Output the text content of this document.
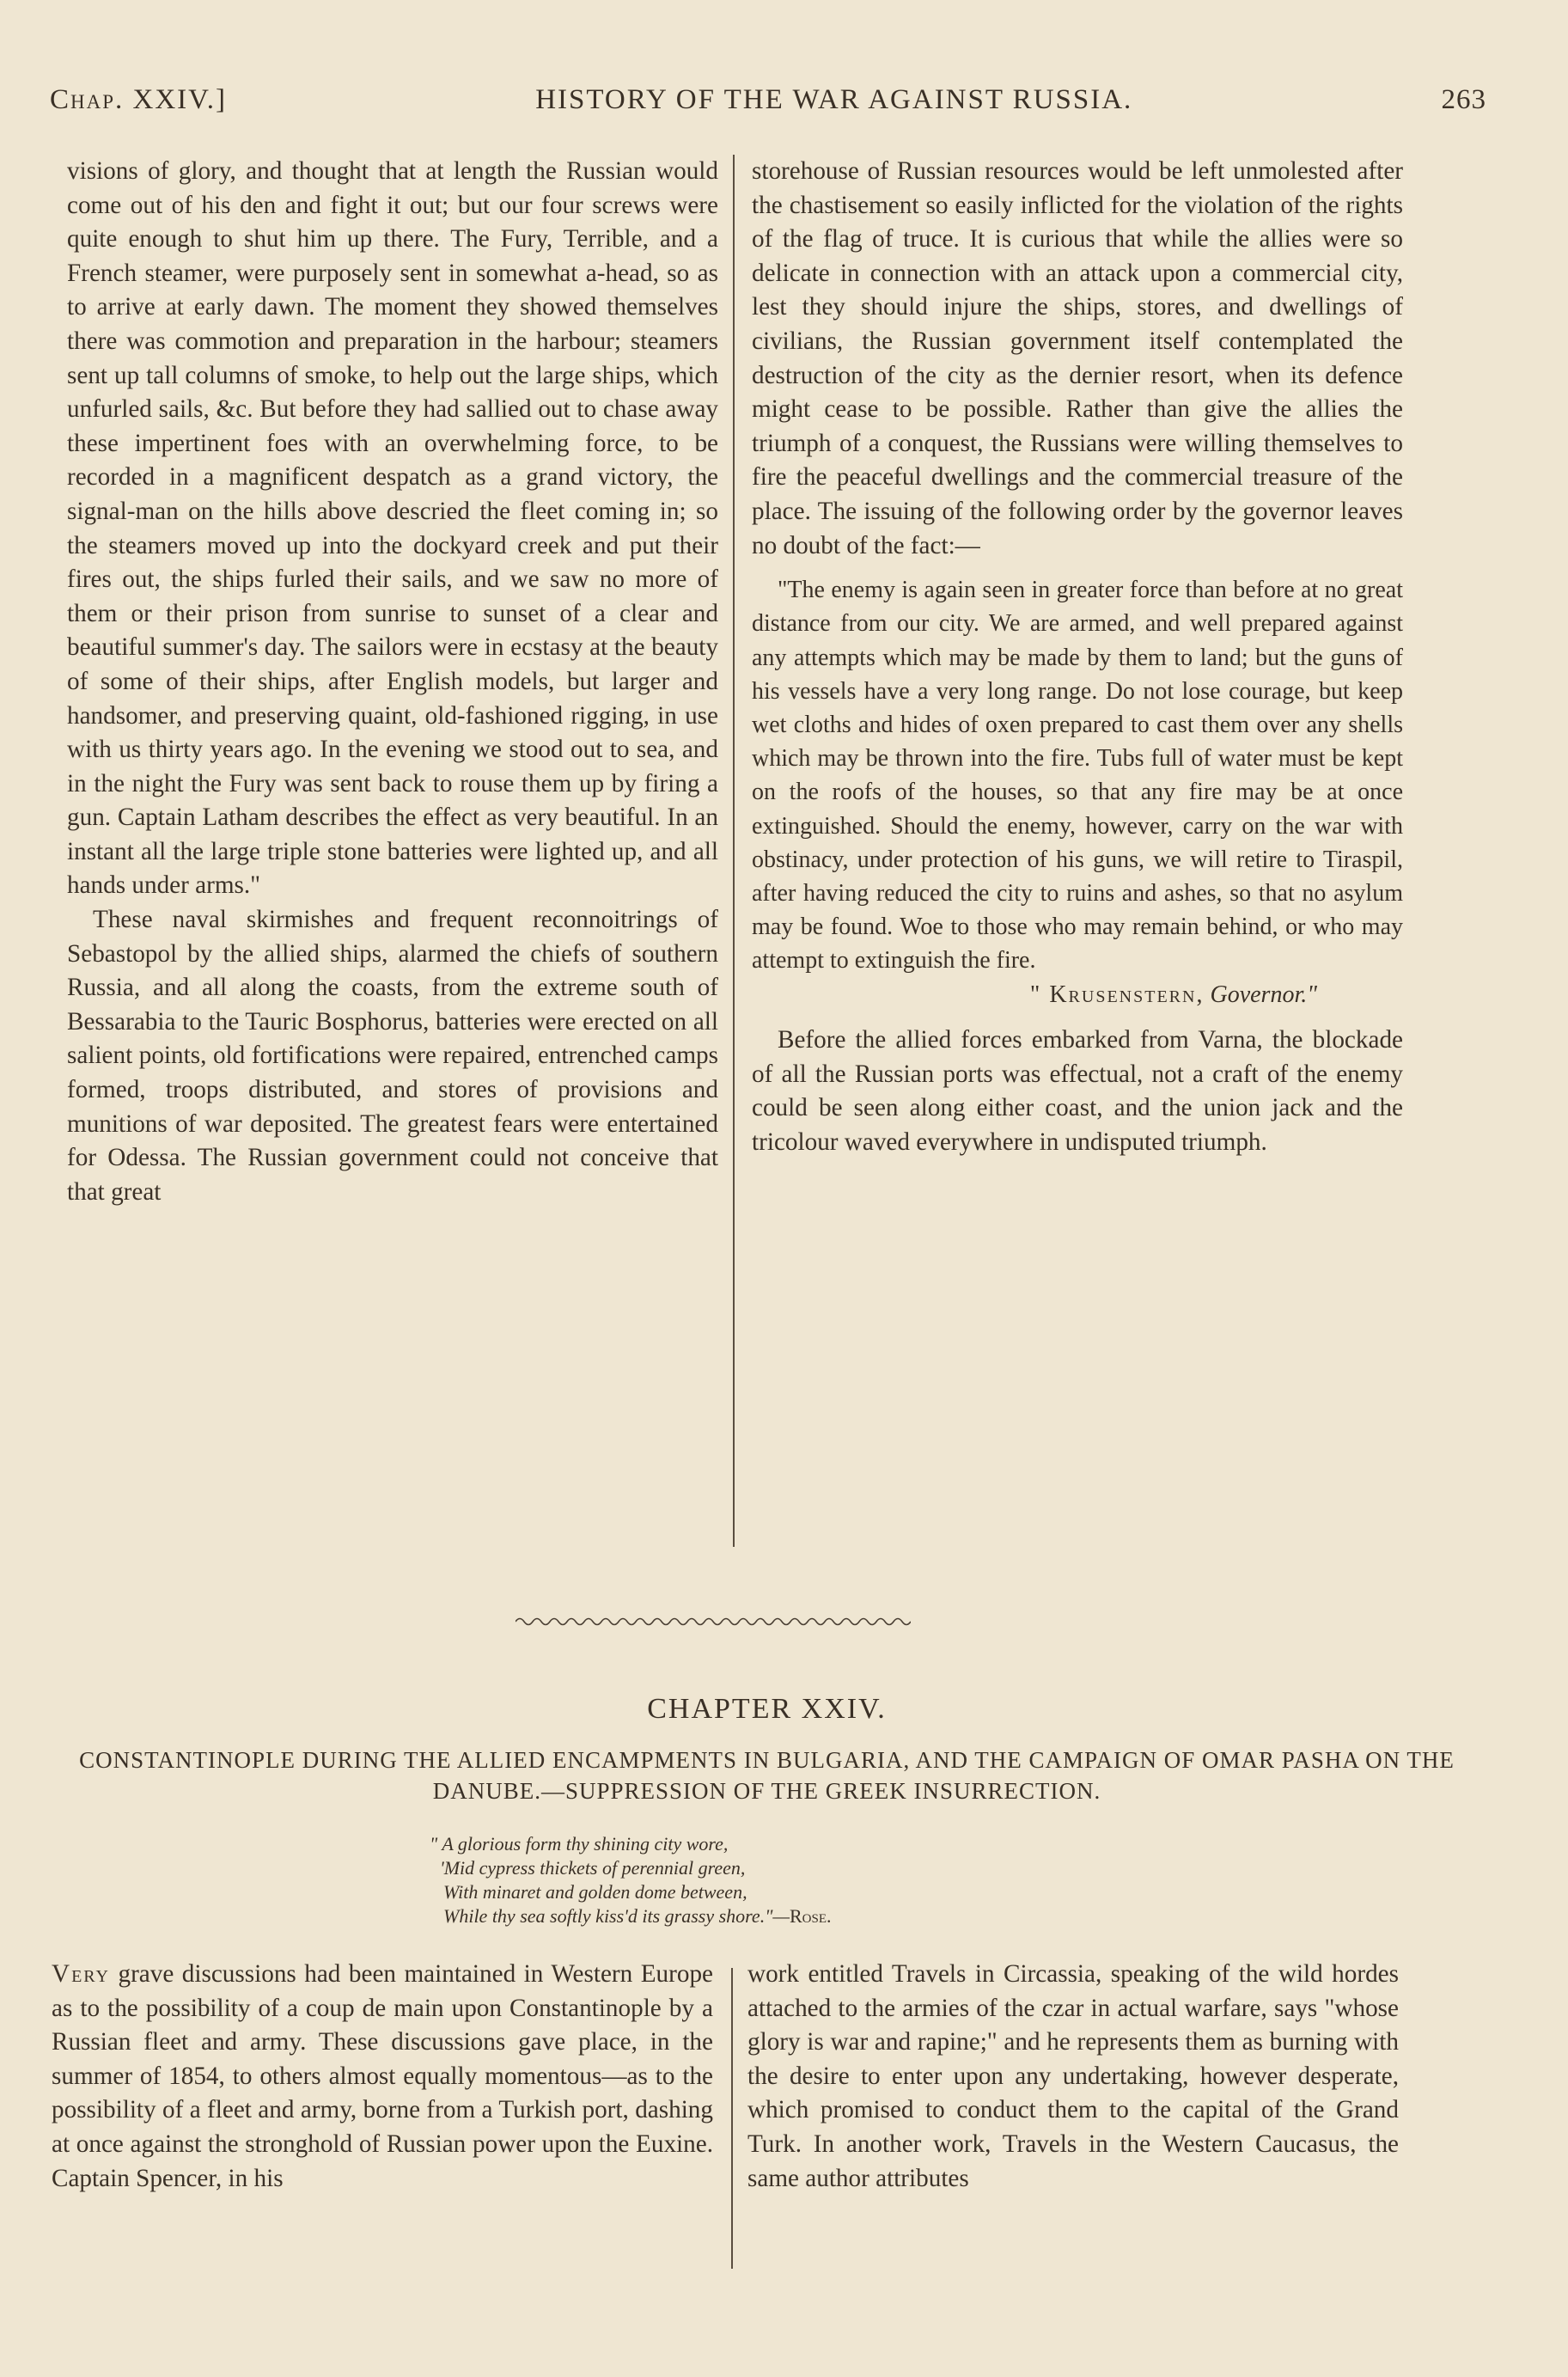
Chap. XXIV.]	HISTORY OF THE WAR AGAINST RUSSIA.	263

visions of glory, and thought that at length the Russian would come out of his den and fight it out; but our four screws were quite enough to shut him up there. The Fury, Terrible, and a French steamer, were purposely sent in somewhat a-head, so as to arrive at early dawn. The moment they showed themselves there was commotion and preparation in the harbour; steamers sent up tall columns of smoke, to help out the large ships, which unfurled sails, &c. But before they had sallied out to chase away these impertinent foes with an overwhelming force, to be recorded in a magnificent despatch as a grand victory, the signal-man on the hills above descried the fleet coming in; so the steamers moved up into the dockyard creek and put their fires out, the ships furled their sails, and we saw no more of them or their prison from sunrise to sunset of a clear and beautiful summer's day. The sailors were in ecstasy at the beauty of some of their ships, after English models, but larger and handsomer, and preserving quaint, old-fashioned rigging, in use with us thirty years ago. In the evening we stood out to sea, and in the night the Fury was sent back to rouse them up by firing a gun. Captain Latham describes the effect as very beautiful. In an instant all the large triple stone batteries were lighted up, and all hands under arms."

These naval skirmishes and frequent reconnoitrings of Sebastopol by the allied ships, alarmed the chiefs of southern Russia, and all along the coasts, from the extreme south of Bessarabia to the Tauric Bosphorus, batteries were erected on all salient points, old fortifications were repaired, entrenched camps formed, troops distributed, and stores of provisions and munitions of war deposited. The greatest fears were entertained for Odessa. The Russian government could not conceive that that great

storehouse of Russian resources would be left unmolested after the chastisement so easily inflicted for the violation of the rights of the flag of truce. It is curious that while the allies were so delicate in connection with an attack upon a commercial city, lest they should injure the ships, stores, and dwellings of civilians, the Russian government itself contemplated the destruction of the city as the dernier resort, when its defence might cease to be possible. Rather than give the allies the triumph of a conquest, the Russians were willing themselves to fire the peaceful dwellings and the commercial treasure of the place. The issuing of the following order by the governor leaves no doubt of the fact:—

"The enemy is again seen in greater force than before at no great distance from our city. We are armed, and well prepared against any attempts which may be made by them to land; but the guns of his vessels have a very long range. Do not lose courage, but keep wet cloths and hides of oxen prepared to cast them over any shells which may be thrown into the fire. Tubs full of water must be kept on the roofs of the houses, so that any fire may be at once extinguished. Should the enemy, however, carry on the war with obstinacy, under protection of his guns, we will retire to Tiraspil, after having reduced the city to ruins and ashes, so that no asylum may be found. Woe to those who may remain behind, or who may attempt to extinguish the fire.

" Krusenstern, Governor."

Before the allied forces embarked from Varna, the blockade of all the Russian ports was effectual, not a craft of the enemy could be seen along either coast, and the union jack and the tricolour waved everywhere in undisputed triumph.

CHAPTER XXIV.
CONSTANTINOPLE DURING THE ALLIED ENCAMPMENTS IN BULGARIA, AND THE CAMPAIGN OF OMAR PASHA ON THE DANUBE.—SUPPRESSION OF THE GREEK INSURRECTION.
" A glorious form thy shining city wore,
'Mid cypress thickets of perennial green,
With minaret and golden dome between,
While thy sea softly kiss'd its grassy shore."—Rose.

Very grave discussions had been maintained in Western Europe as to the possibility of a coup de main upon Constantinople by a Russian fleet and army. These discussions gave place, in the summer of 1854, to others almost equally momentous—as to the possibility of a fleet and army, borne from a Turkish port, dashing at once against the stronghold of Russian power upon the Euxine. Captain Spencer, in his

work entitled Travels in Circassia, speaking of the wild hordes attached to the armies of the czar in actual warfare, says "whose glory is war and rapine;" and he represents them as burning with the desire to enter upon any undertaking, however desperate, which promised to conduct them to the capital of the Grand Turk. In another work, Travels in the Western Caucasus, the same author attributes
